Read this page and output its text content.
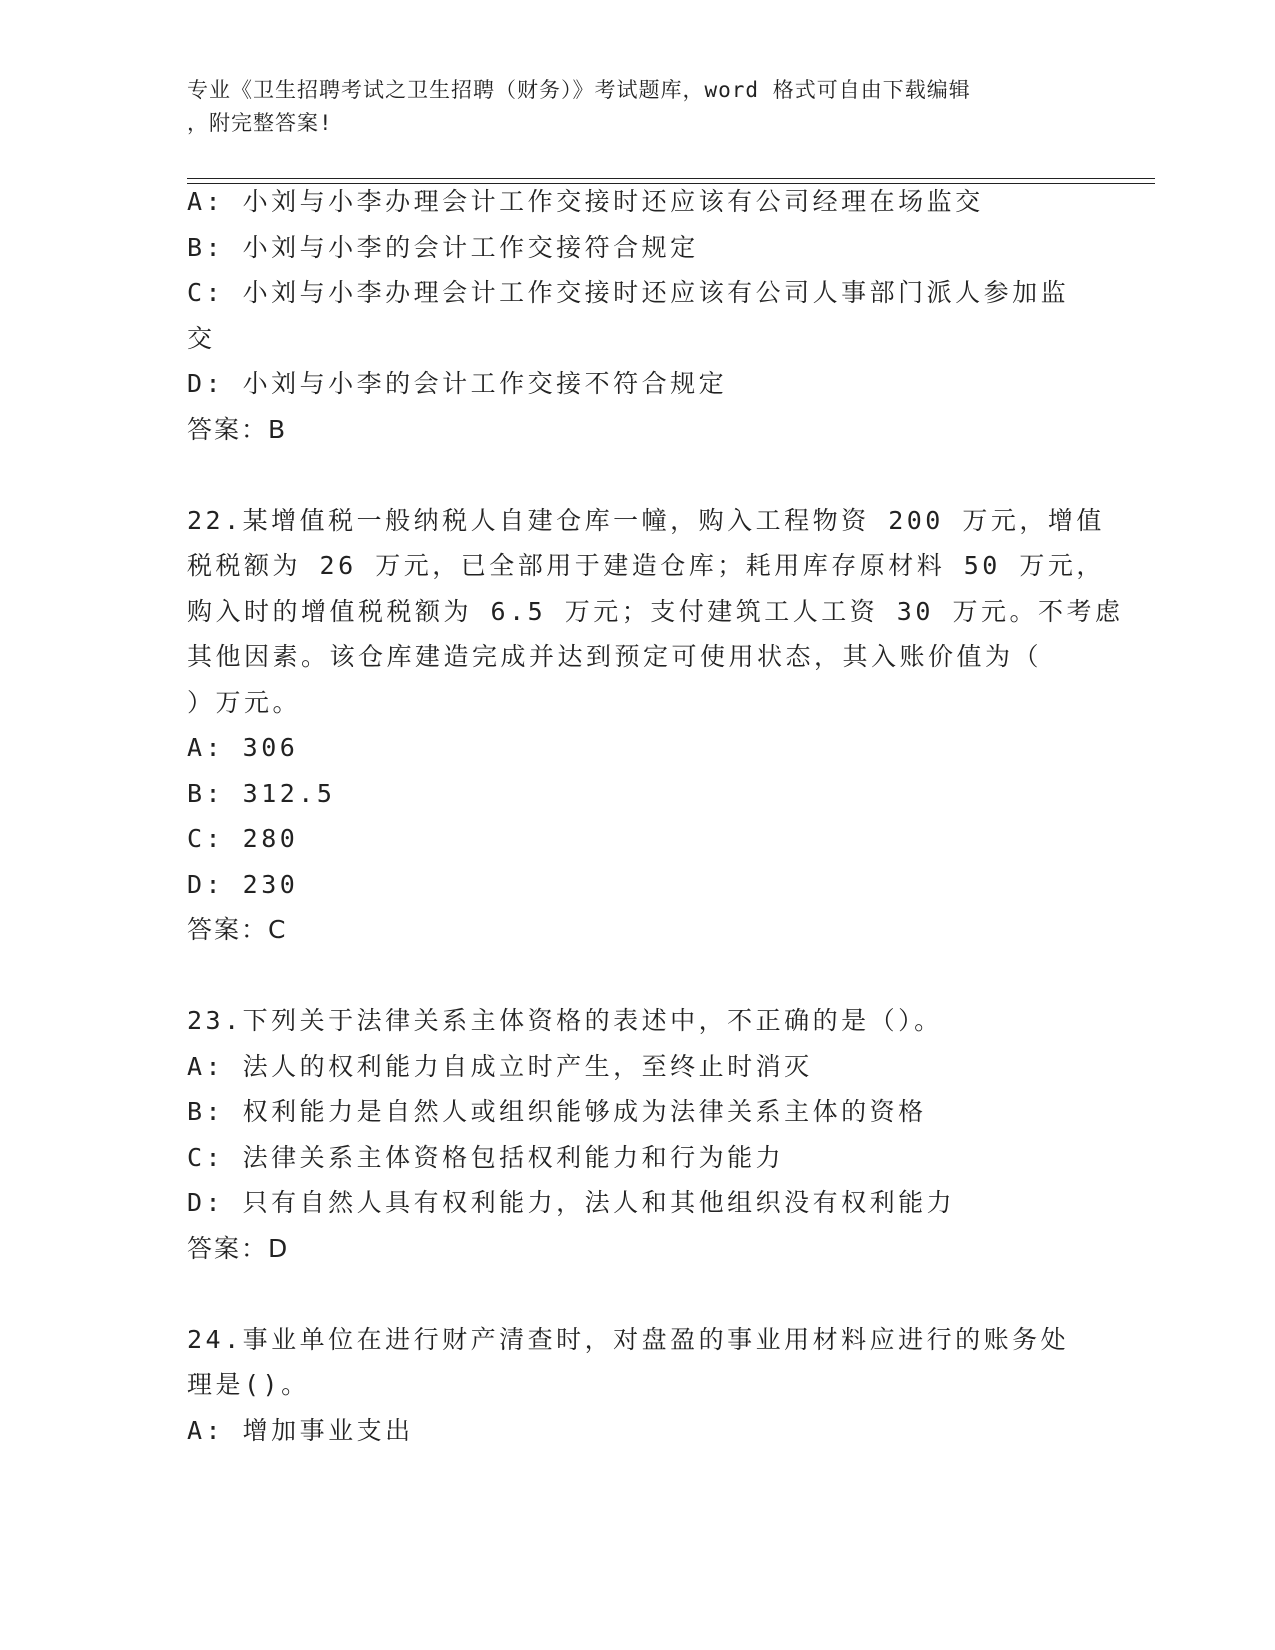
专业《卫生招聘考试之卫生招聘（财务）》考试题库，word 格式可自由下载编辑
，附完整答案!
A: 小刘与小李办理会计工作交接时还应该有公司经理在场监交
B: 小刘与小李的会计工作交接符合规定
C: 小刘与小李办理会计工作交接时还应该有公司人事部门派人参加监
交
D: 小刘与小李的会计工作交接不符合规定
答案：B
22.某增值税一般纳税人自建仓库一幢，购入工程物资 200 万元，增值
税税额为 26 万元，已全部用于建造仓库；耗用库存原材料 50 万元，
购入时的增值税税额为 6.5 万元；支付建筑工人工资 30 万元。不考虑
其他因素。该仓库建造完成并达到预定可使用状态，其入账价值为（
）万元。
A: 306
B: 312.5
C: 280
D: 230
答案：C
23.下列关于法律关系主体资格的表述中，不正确的是（）。
A: 法人的权利能力自成立时产生，至终止时消灭
B: 权利能力是自然人或组织能够成为法律关系主体的资格
C: 法律关系主体资格包括权利能力和行为能力
D: 只有自然人具有权利能力，法人和其他组织没有权利能力
答案：D
24.事业单位在进行财产清查时，对盘盈的事业用材料应进行的账务处
理是()。
A: 增加事业支出
